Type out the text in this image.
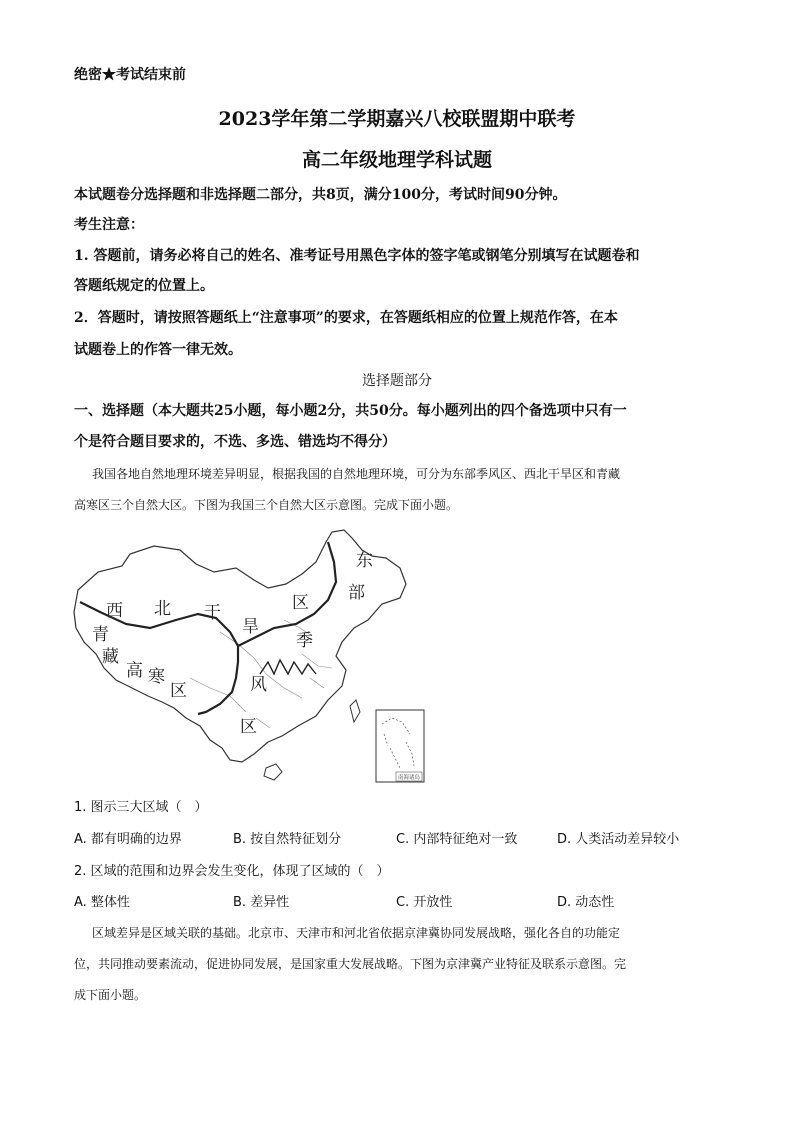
绝密★考试结束前
2023学年第二学期嘉兴八校联盟期中联考
高二年级地理学科试题
本试题卷分选择题和非选择题二部分，共8页，满分100分，考试时间90分钟。
考生注意：
1. 答题前，请务必将自己的姓名、准考证号用黑色字体的签字笔或钢笔分别填写在试题卷和
答题纸规定的位置上。
2．答题时，请按照答题纸上“注意事项”的要求，在答题纸相应的位置上规范作答，在本
试题卷上的作答一律无效。
选择题部分
一、选择题（本大题共25小题，每小题2分，共50分。每小题列出的四个备选项中只有一
个是符合题目要求的，不选、多选、错选均不得分）
我国各地自然地理环境差异明显，根据我国的自然地理环境，可分为东部季风区、西北干旱区和青藏
高寒区三个自然大区。下图为我国三个自然大区示意图。完成下面小题。
东
部
区
季
风
区
西 北 干
旱
青
藏
高 寒
区
南海诸岛
1. 图示三大区域（　）
A. 都有明确的边界	B. 按自然特征划分	C. 内部特征绝对一致	D. 人类活动差异较小
2. 区域的范围和边界会发生变化，体现了区域的（　）
A. 整体性	B. 差异性	C. 开放性	D. 动态性
区域差异是区域关联的基础。北京市、天津市和河北省依据京津冀协同发展战略，强化各自的功能定
位，共同推动要素流动，促进协同发展，是国家重大发展战略。下图为京津冀产业特征及联系示意图。完
成下面小题。
